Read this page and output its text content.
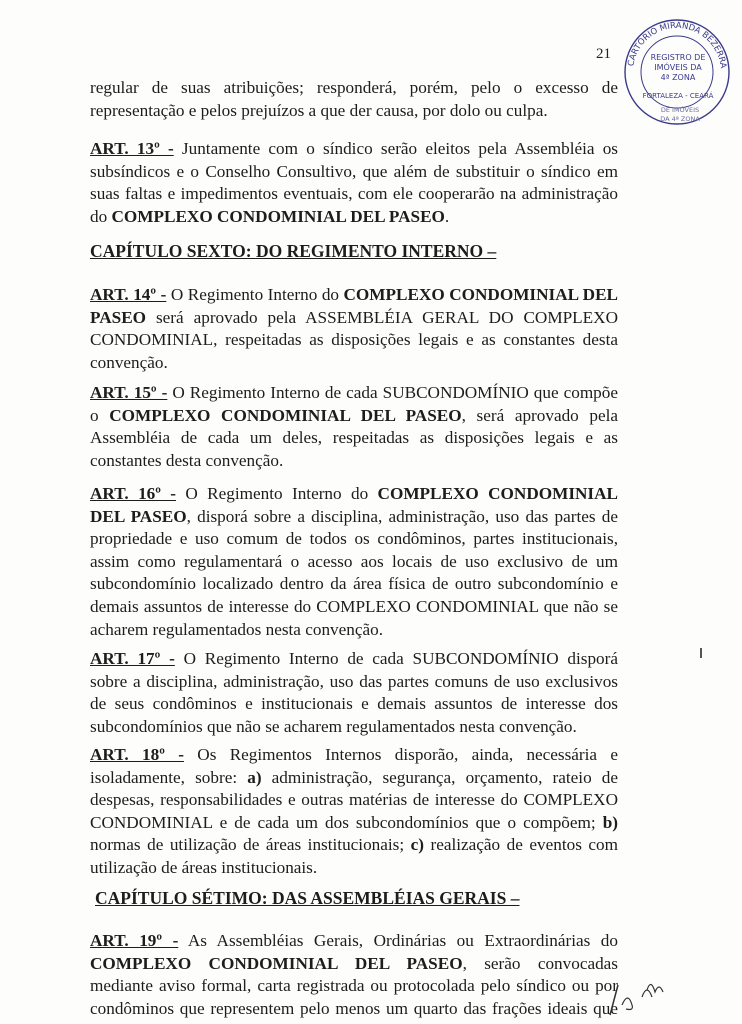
CARTÓRIO MIRANDA BEZERRA
REGISTRO DE
IMÓVEIS DA
4ª ZONA
FORTALEZA - CEARÁ
DE IMÓVEIS
DA 4ª ZONA
21

regular de suas atribuições; responderá, porém, pelo o excesso de
representação e pelos prejuízos a que der causa, por dolo ou culpa.

ART. 13º - Juntamente com o síndico serão eleitos pela Assembléia os
subsíndicos e o Conselho Consultivo, que além de substituir o síndico em
suas faltas e impedimentos eventuais, com ele cooperarão na administração
do COMPLEXO CONDOMINIAL DEL PASEO.

CAPÍTULO SEXTO: DO REGIMENTO INTERNO –

ART. 14º - O Regimento Interno do COMPLEXO CONDOMINIAL DEL
PASEO será aprovado pela ASSEMBLÉIA GERAL DO COMPLEXO
CONDOMINIAL, respeitadas as disposições legais e as constantes desta
convenção.

ART. 15º - O Regimento Interno de cada SUBCONDOMÍNIO que compõe
o COMPLEXO CONDOMINIAL DEL PASEO, será aprovado pela
Assembléia de cada um deles, respeitadas as disposições legais e as
constantes desta convenção.

ART. 16º - O Regimento Interno do COMPLEXO CONDOMINIAL
DEL PASEO, disporá sobre a disciplina, administração, uso das partes de
propriedade e uso comum de todos os condôminos, partes institucionais,
assim como regulamentará o acesso aos locais de uso exclusivo de um
subcondomínio localizado dentro da área física de outro subcondomínio e
demais assuntos de interesse do COMPLEXO CONDOMINIAL que não se
acharem regulamentados nesta convenção.

ART. 17º - O Regimento Interno de cada SUBCONDOMÍNIO disporá
sobre a disciplina, administração, uso das partes comuns de uso exclusivos
de seus condôminos e institucionais e demais assuntos de interesse dos
subcondomínios que não se acharem regulamentados nesta convenção.

ART. 18º - Os Regimentos Internos disporão, ainda, necessária e
isoladamente, sobre: a) administração, segurança, orçamento, rateio de
despesas, responsabilidades e outras matérias de interesse do COMPLEXO
CONDOMINIAL e de cada um dos subcondomínios que o compõem; b)
normas de utilização de áreas institucionais; c) realização de eventos com
utilização de áreas institucionais.

CAPÍTULO SÉTIMO: DAS ASSEMBLÉIAS GERAIS –

ART. 19º - As Assembléias Gerais, Ordinárias ou Extraordinárias do
COMPLEXO CONDOMINIAL DEL PASEO, serão convocadas
mediante aviso formal, carta registrada ou protocolada pelo síndico ou por
condôminos que representem pelo menos um quarto das frações ideais que
